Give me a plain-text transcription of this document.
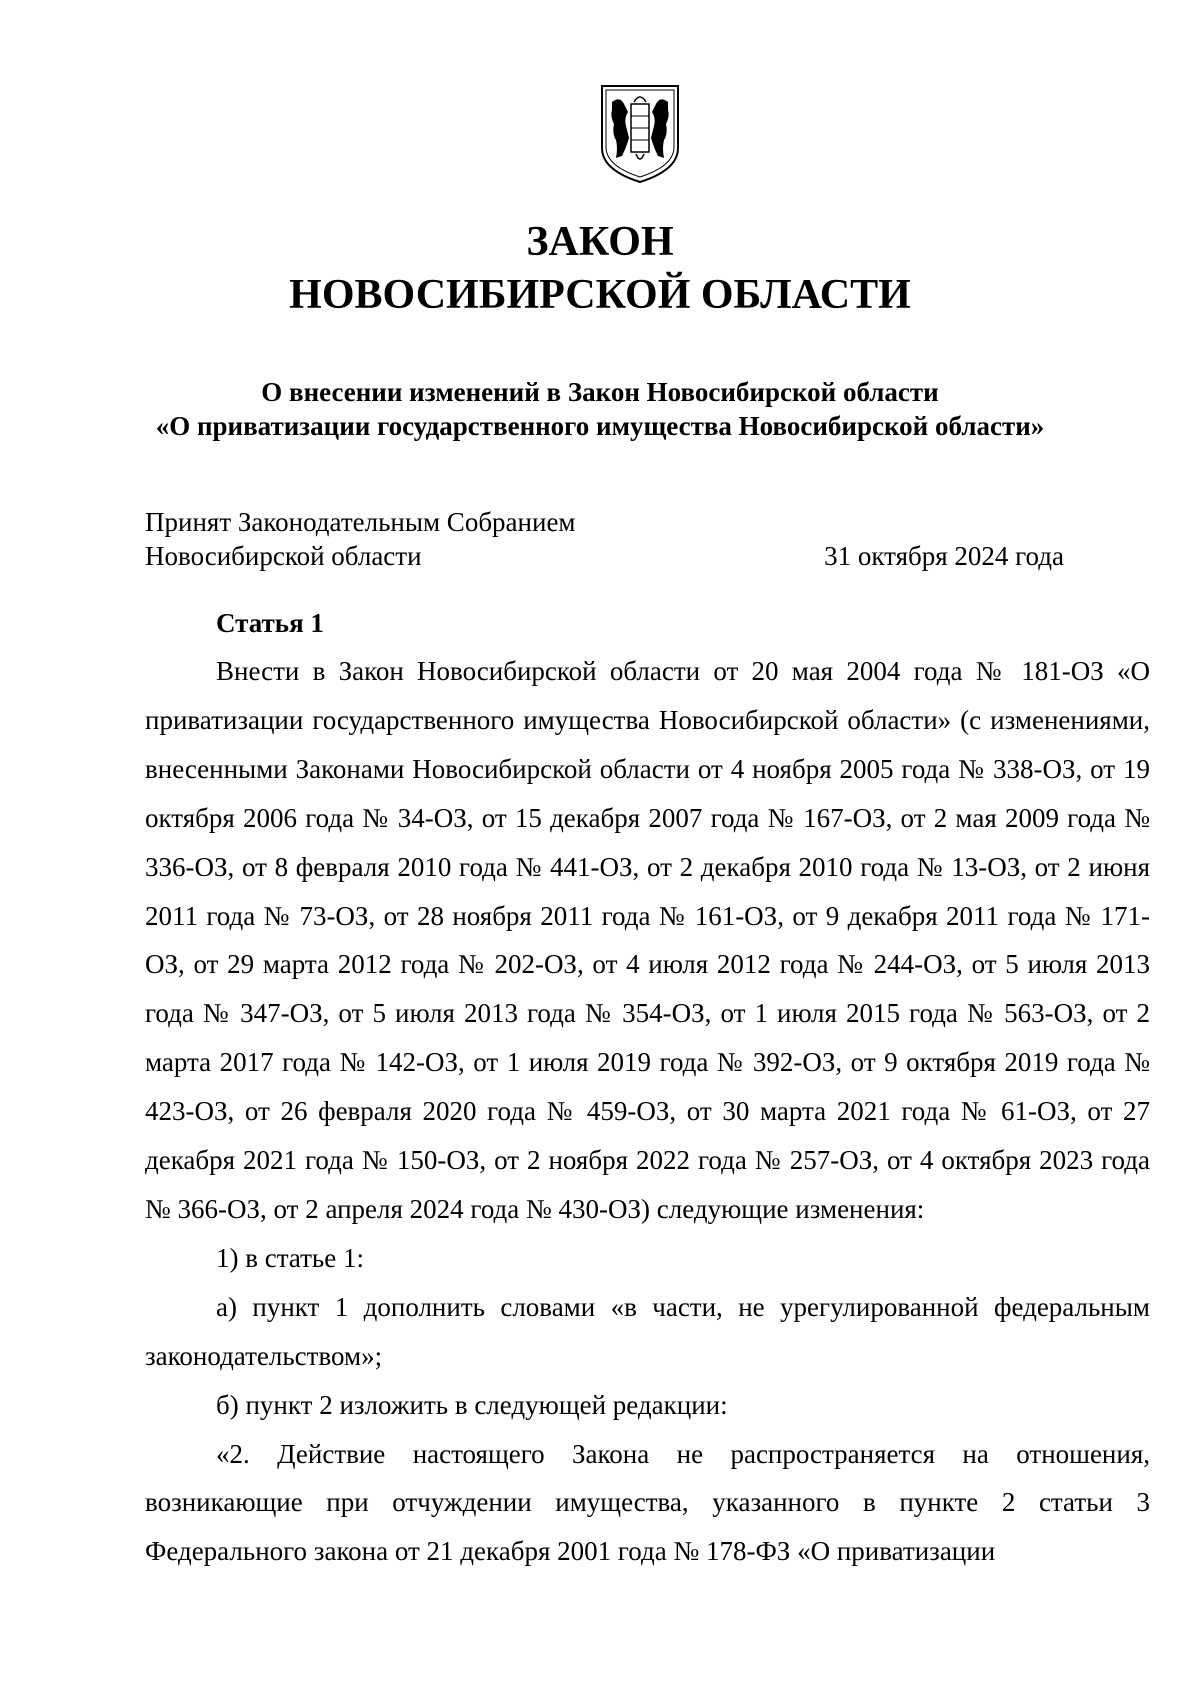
ЗАКОН
НОВОСИБИРСКОЙ ОБЛАСТИ
О внесении изменений в Закон Новосибирской области
«О приватизации государственного имущества Новосибирской области»
Принят Законодательным Собранием
Новосибирской области	31 октября 2024 года
Статья 1

Внести в Закон Новосибирской области от 20 мая 2004 года № 181-ОЗ «О приватизации государственного имущества Новосибирской области» (с изменениями, внесенными Законами Новосибирской области от 4 ноября 2005 года № 338-ОЗ, от 19 октября 2006 года № 34-ОЗ, от 15 декабря 2007 года № 167-ОЗ, от 2 мая 2009 года № 336-ОЗ, от 8 февраля 2010 года № 441-ОЗ, от 2 декабря 2010 года № 13-ОЗ, от 2 июня 2011 года № 73-ОЗ, от 28 ноября 2011 года № 161-ОЗ, от 9 декабря 2011 года № 171-ОЗ, от 29 марта 2012 года № 202-ОЗ, от 4 июля 2012 года № 244-ОЗ, от 5 июля 2013 года № 347-ОЗ, от 5 июля 2013 года № 354-ОЗ, от 1 июля 2015 года № 563-ОЗ, от 2 марта 2017 года № 142-ОЗ, от 1 июля 2019 года № 392-ОЗ, от 9 октября 2019 года № 423-ОЗ, от 26 февраля 2020 года № 459-ОЗ, от 30 марта 2021 года № 61-ОЗ, от 27 декабря 2021 года № 150-ОЗ, от 2 ноября 2022 года № 257-ОЗ, от 4 октября 2023 года № 366-ОЗ, от 2 апреля 2024 года № 430-ОЗ) следующие изменения:

1) в статье 1:

а) пункт 1 дополнить словами «в части, не урегулированной федеральным законодательством»;

б) пункт 2 изложить в следующей редакции:

«2. Действие настоящего Закона не распространяется на отношения, возникающие при отчуждении имущества, указанного в пункте 2 статьи 3 Федерального закона от 21 декабря 2001 года № 178-ФЗ «О приватизации
